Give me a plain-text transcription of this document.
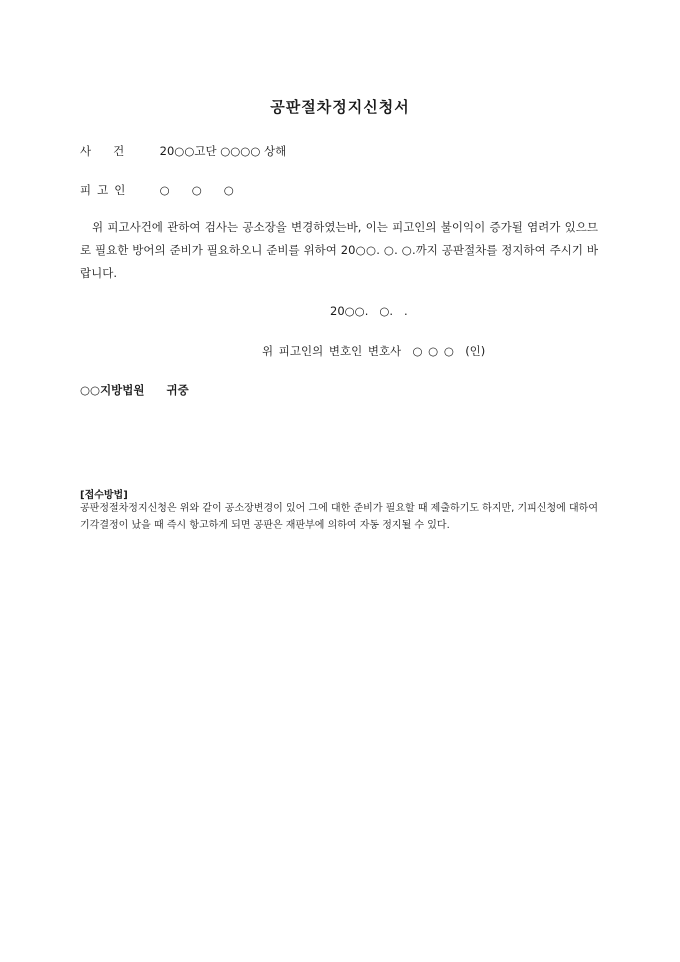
공판절차정지신청서
사건 20○○고단 ○○○○ 상해
피고인 ○○○

위 피고사건에 관하여 검사는 공소장을 변경하였는바, 이는 피고인의 불이익이 증가될 염려가 있으므로 필요한 방어의 준비가 필요하오니 준비를 위하여 20○○. ○. ○.까지 공판절차를 정지하여 주시기 바랍니다.

20○○.   ○.   .
위 피고인의 변호인 변호사  ○ ○ ○  (인)
○○지방법원 귀중
[접수방법]

공판정절차정지신청은 위와 같이 공소장변경이 있어 그에 대한 준비가 필요할 때 제출하기도 하지만, 기피신청에 대하여 기각결정이 났을 때 즉시 항고하게 되면 공판은 재판부에 의하여 자동 정지될 수 있다.
